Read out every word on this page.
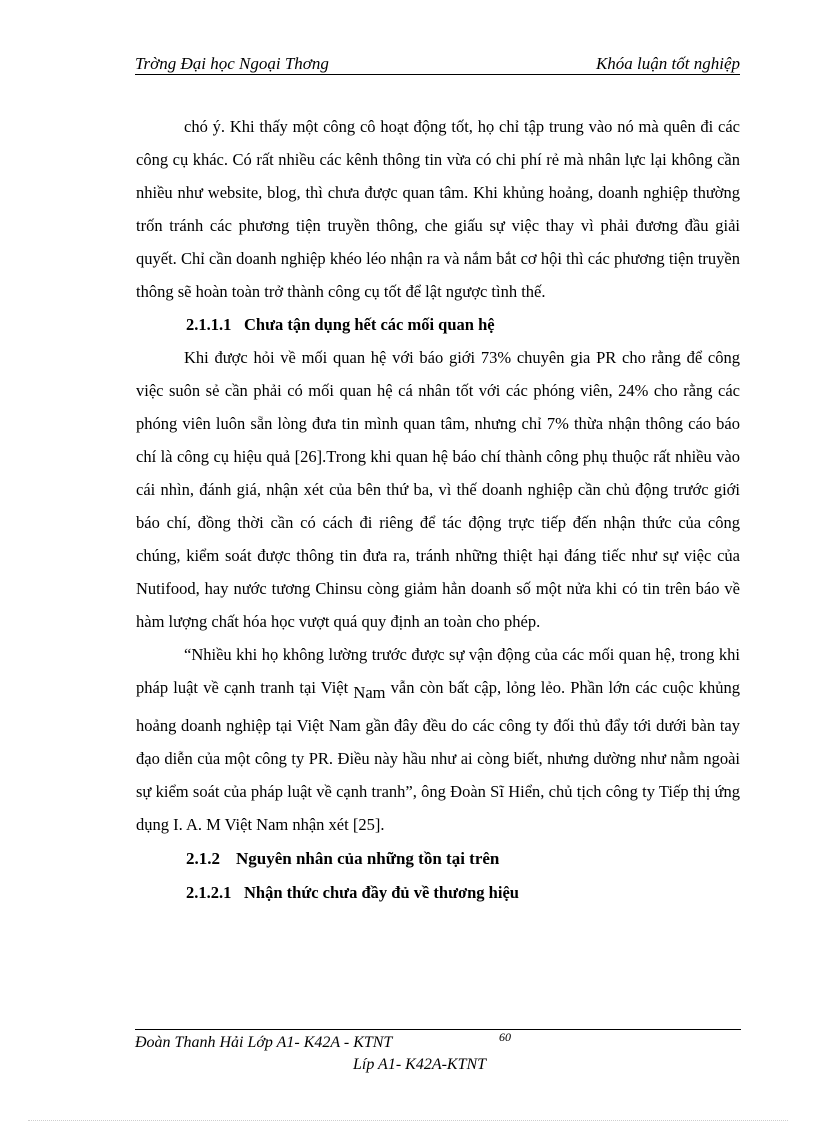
Trờng Đại học Ngoại Thơng	Khóa luận tốt nghiệp

chó ý. Khi thấy một công cô hoạt động tốt, họ chỉ tập trung vào nó mà quên đi các công cụ khác. Có rất nhiều các kênh thông tin vừa có chi phí rẻ mà nhân lực lại không cần nhiều như website, blog, thì chưa được quan tâm. Khi khủng hoảng, doanh nghiệp thường trốn tránh các phương tiện truyền thông, che giấu sự việc thay vì phải đương đầu giải quyết. Chỉ cần doanh nghiệp khéo léo nhận ra và nắm bắt cơ hội thì các phương tiện truyền thông sẽ hoàn toàn trở thành công cụ tốt để lật ngược tình thế.

2.1.1.1 Chưa tận dụng hết các mối quan hệ

Khi được hỏi về mối quan hệ với báo giới 73% chuyên gia PR cho rằng để công việc suôn sẻ cần phải có mối quan hệ cá nhân tốt với các phóng viên, 24% cho rằng các phóng viên luôn sẵn lòng đưa tin mình quan tâm, nhưng chỉ 7% thừa nhận thông cáo báo chí là công cụ hiệu quả [26].Trong khi quan hệ báo chí thành công phụ thuộc rất nhiều vào cái nhìn, đánh giá, nhận xét của bên thứ ba, vì thế doanh nghiệp cần chủ động trước giới báo chí, đồng thời cần có cách đi riêng để tác động trực tiếp đến nhận thức của công chúng, kiểm soát được thông tin đưa ra, tránh những thiệt hại đáng tiếc như sự việc của Nutifood, hay nước tương Chinsu còng giảm hẳn doanh số một nửa khi có tin trên báo về hàm lượng chất hóa học vượt quá quy định an toàn cho phép.

“Nhiều khi họ không lường trước được sự vận động của các mối quan hệ, trong khi pháp luật về cạnh tranh tại Việt Nam vẫn còn bất cập, lỏng lẻo. Phần lớn các cuộc khủng hoảng doanh nghiệp tại Việt Nam gần đây đều do các công ty đối thủ đẩy tới dưới bàn tay đạo diễn của một công ty PR. Điều này hầu như ai còng biết, nhưng dường như nằm ngoài sự kiểm soát của pháp luật về cạnh tranh”, ông Đoàn Sĩ Hiển, chủ tịch công ty Tiếp thị ứng dụng I. A. M Việt Nam nhận xét [25].

2.1.2 Nguyên nhân của những tồn tại trên

2.1.2.1 Nhận thức chưa đầy đủ về thương hiệu

Đoàn Thanh Hải Lớp A1- K42A - KTNT	60
Líp A1- K42A-KTNT
